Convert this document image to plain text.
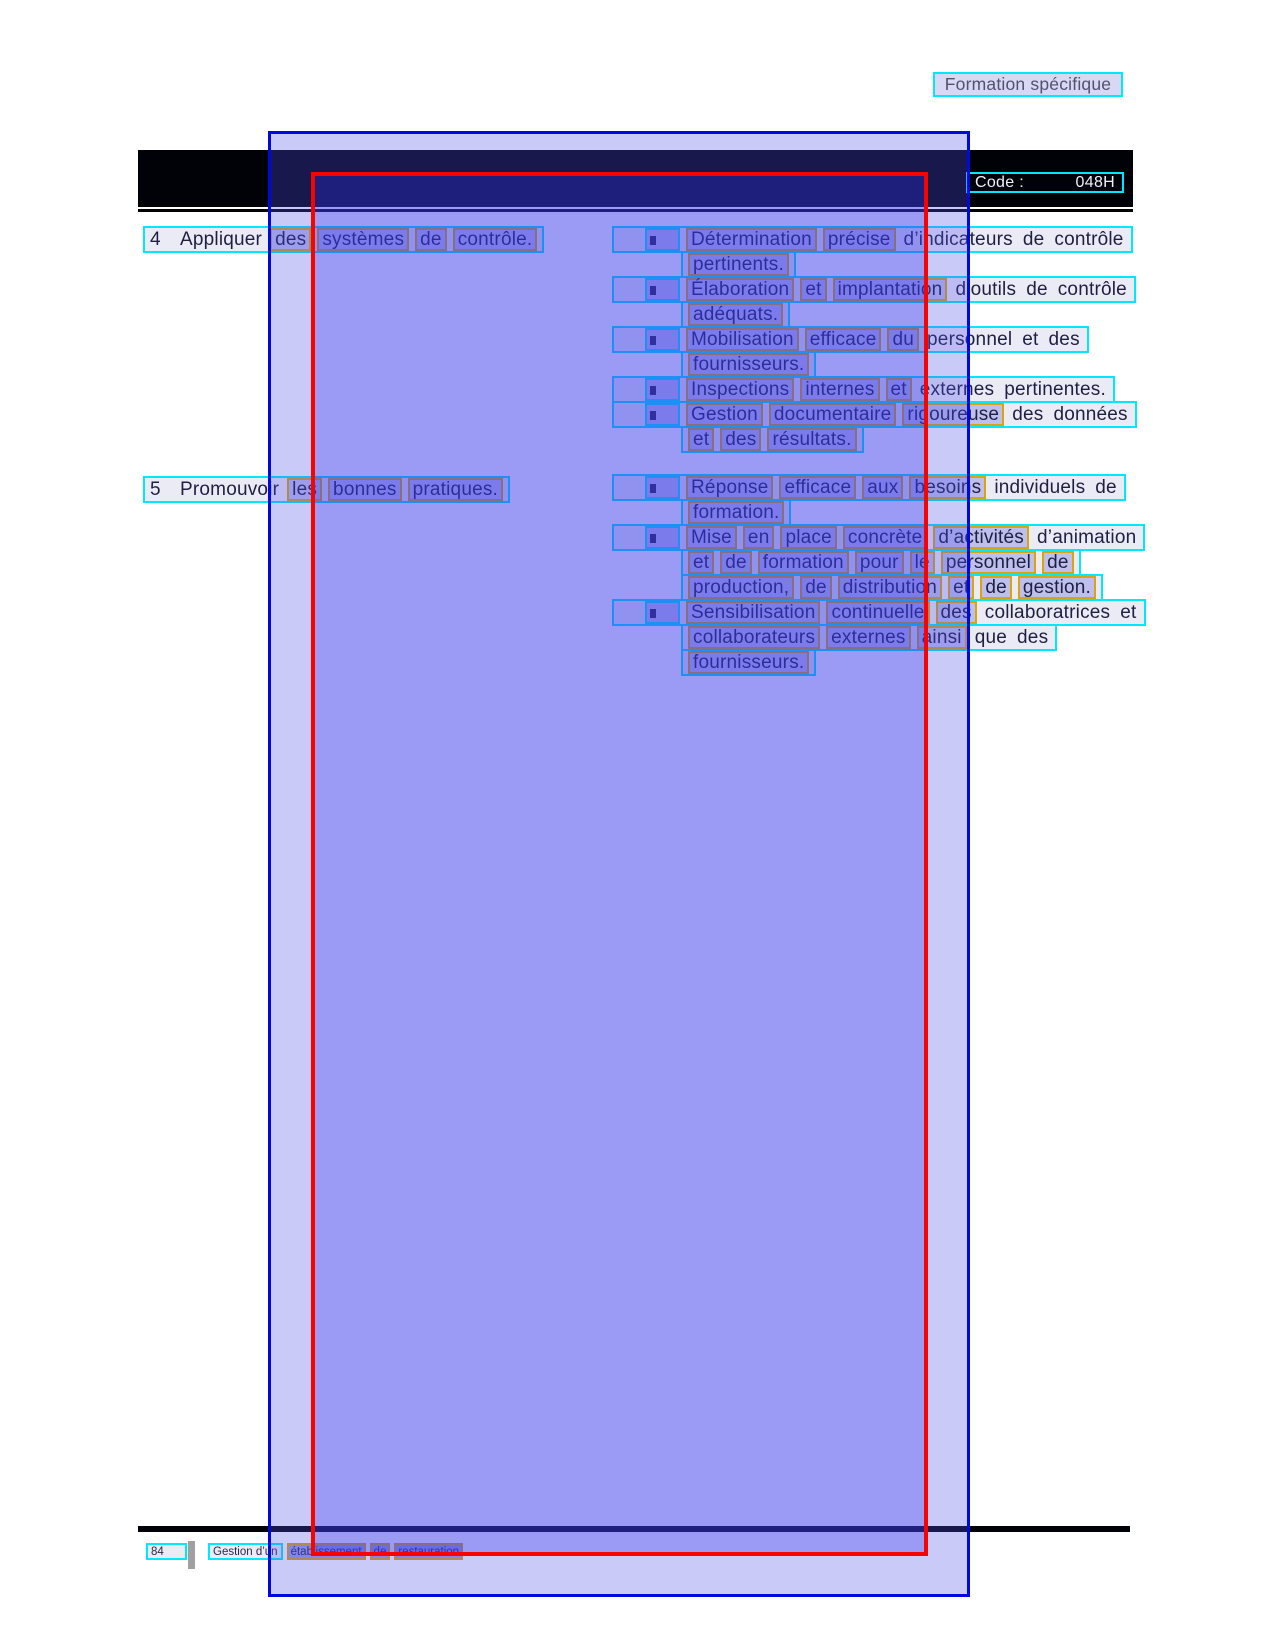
Formation spécifique
Code :	048H
4	Appliquer des systèmes de contrôle.	Détermination précise d’indicateurs de contrôle
pertinents.
Élaboration et implantation d’outils de contrôle
adéquats.
Mobilisation efficace du personnel et des
fournisseurs.
Inspections internes et externes pertinentes.
Gestion documentaire rigoureuse des données
et des résultats.
5	Promouvoir les bonnes pratiques.	Réponse efficace aux besoins individuels de
formation.
Mise en place concrète d’activités d’animation
et de formation pour le personnel de
production, de distribution et de gestion.
Sensibilisation continuelle des collaboratrices et
collaborateurs externes ainsi que des
fournisseurs.
84	Gestion d’un	établissement	de	restauration
